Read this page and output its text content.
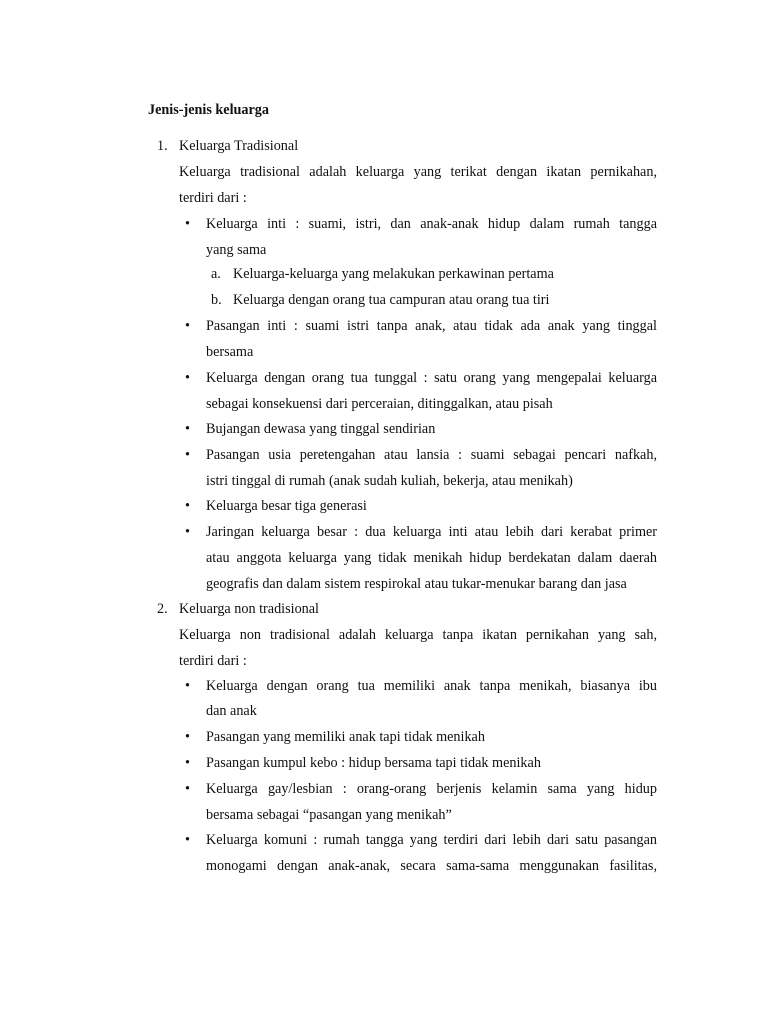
Jenis-jenis keluarga
1. Keluarga Tradisional
Keluarga tradisional adalah keluarga yang terikat dengan ikatan pernikahan,
terdiri dari :
• Keluarga inti : suami, istri, dan anak-anak hidup dalam rumah tangga
yang sama
a. Keluarga-keluarga yang melakukan perkawinan pertama
b. Keluarga dengan orang tua campuran atau orang tua tiri
• Pasangan inti : suami istri tanpa anak, atau tidak ada anak yang tinggal
bersama
• Keluarga dengan orang tua tunggal : satu orang yang mengepalai keluarga
sebagai konsekuensi dari perceraian, ditinggalkan, atau pisah
• Bujangan dewasa yang tinggal sendirian
• Pasangan usia peretengahan atau lansia : suami sebagai pencari nafkah,
istri tinggal di rumah (anak sudah kuliah, bekerja, atau menikah)
• Keluarga besar tiga generasi
• Jaringan keluarga besar : dua keluarga inti atau lebih dari kerabat primer
atau anggota keluarga yang tidak menikah hidup berdekatan dalam daerah
geografis dan dalam sistem respirokal atau tukar-menukar barang dan jasa
2. Keluarga non tradisional
Keluarga non tradisional adalah keluarga tanpa ikatan pernikahan yang sah,
terdiri dari :
• Keluarga dengan orang tua memiliki anak tanpa menikah, biasanya ibu
dan anak
• Pasangan yang memiliki anak tapi tidak menikah
• Pasangan kumpul kebo : hidup bersama tapi tidak menikah
• Keluarga gay/lesbian : orang-orang berjenis kelamin sama yang hidup
bersama sebagai “pasangan yang menikah”
• Keluarga komuni : rumah tangga yang terdiri dari lebih dari satu pasangan
monogami dengan anak-anak, secara sama-sama menggunakan fasilitas,
